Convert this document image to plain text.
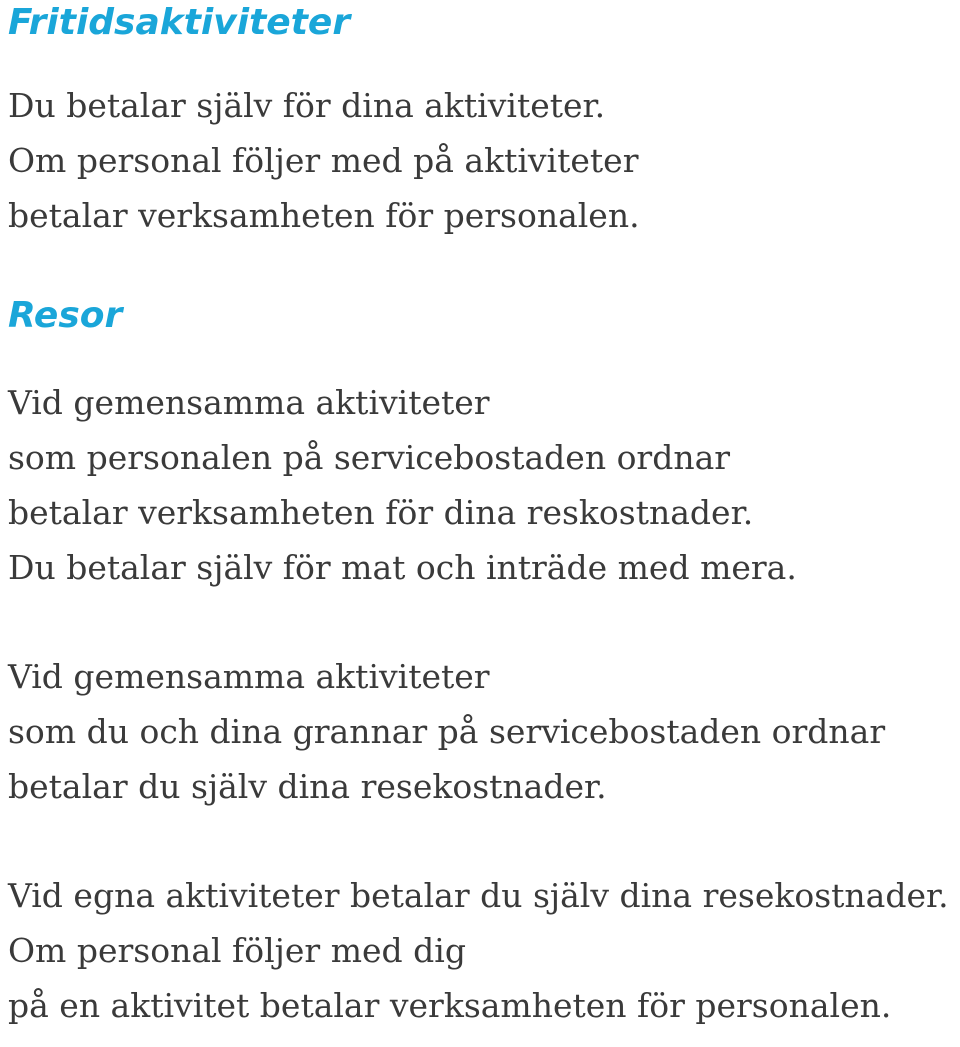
Fritidsaktiviteter

Du betalar själv för dina aktiviteter.
Om personal följer med på aktiviteter
betalar verksamheten för personalen.

Resor

Vid gemensamma aktiviteter
som personalen på servicebostaden ordnar
betalar verksamheten för dina reskostnader.
Du betalar själv för mat och inträde med mera.

Vid gemensamma aktiviteter
som du och dina grannar på servicebostaden ordnar
betalar du själv dina resekostnader.

Vid egna aktiviteter betalar du själv dina resekostnader.
Om personal följer med dig
på en aktivitet betalar verksamheten för personalen.
